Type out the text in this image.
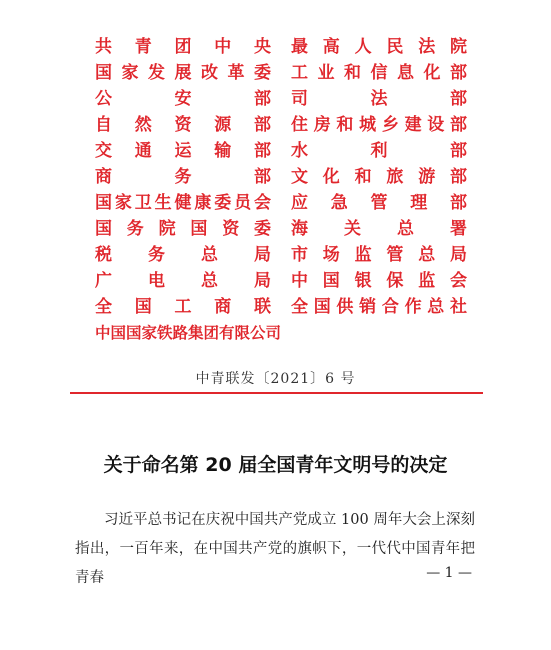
共 青 团 中 央
国家发展改革委
公 安 部
自 然 资 源 部
交 通 运 输 部
商 务 部
国家卫生健康委员会
国务院国资委
税 务 总 局
广 电 总 局
全 国 工 商 联
中国国家铁路集团有限公司
最高人民法院
工业和信息化部
司 法 部
住房和城乡建设部
水 利 部
文化和旅游部
应 急 管 理 部
海 关 总 署
市 场 监 管 总 局
中 国 银 保 监 会
全国供销合作总社
中青联发〔2021〕6 号
关于命名第 20 届全国青年文明号的决定
习近平总书记在庆祝中国共产党成立 100 周年大会上深刻指出，一百年来，在中国共产党的旗帜下，一代代中国青年把青春	— 1 —
